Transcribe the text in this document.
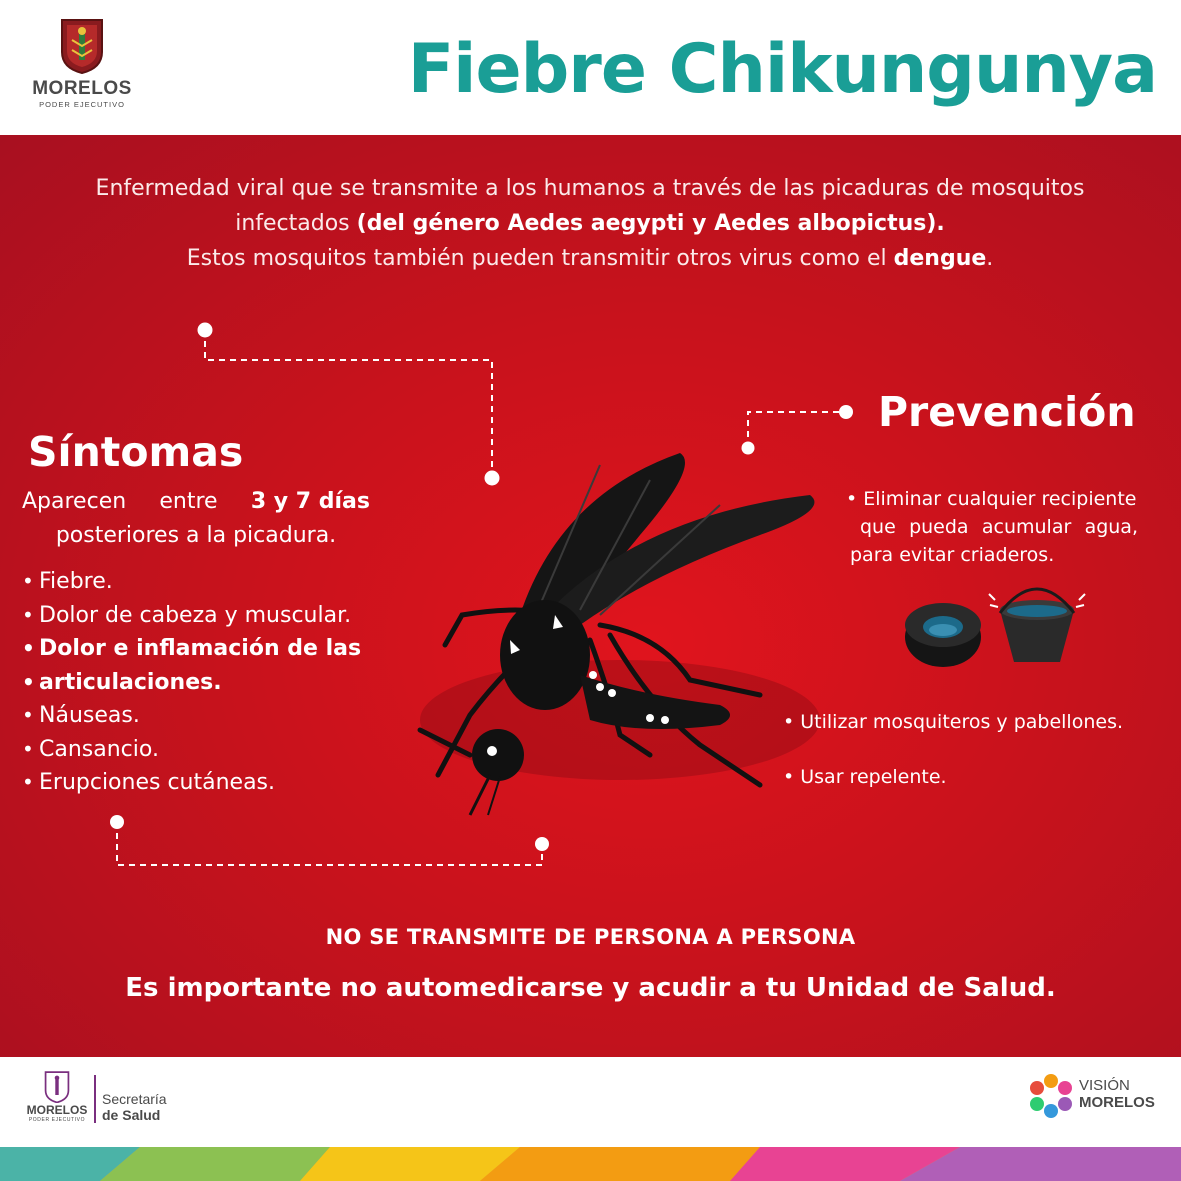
MORELOS
PODER EJECUTIVO	Fiebre Chikungunya
Enfermedad viral que se transmite a los humanos a través de las picaduras de mosquitos
infectados (del género Aedes aegypti y Aedes albopictus).
Estos mosquitos también pueden transmitir otros virus como el dengue.
Síntomas
Aparecen entre 3 y 7 días
posteriores a la picadura.
• Fiebre.
• Dolor de cabeza y muscular.
• Dolor e inflamación de las
• articulaciones.
• Náuseas.
• Cansancio.
• Erupciones cutáneas.
Prevención
• Eliminar cualquier recipiente
que pueda acumular agua,
para evitar criaderos.
• Utilizar mosquiteros y pabellones.
• Usar repelente.
NO SE TRANSMITE DE PERSONA A PERSONA
Es importante no automedicarse y acudir a tu Unidad de Salud.
MORELOS
PODER EJECUTIVO
Secretaría
de Salud
VISIÓN
MORELOS
